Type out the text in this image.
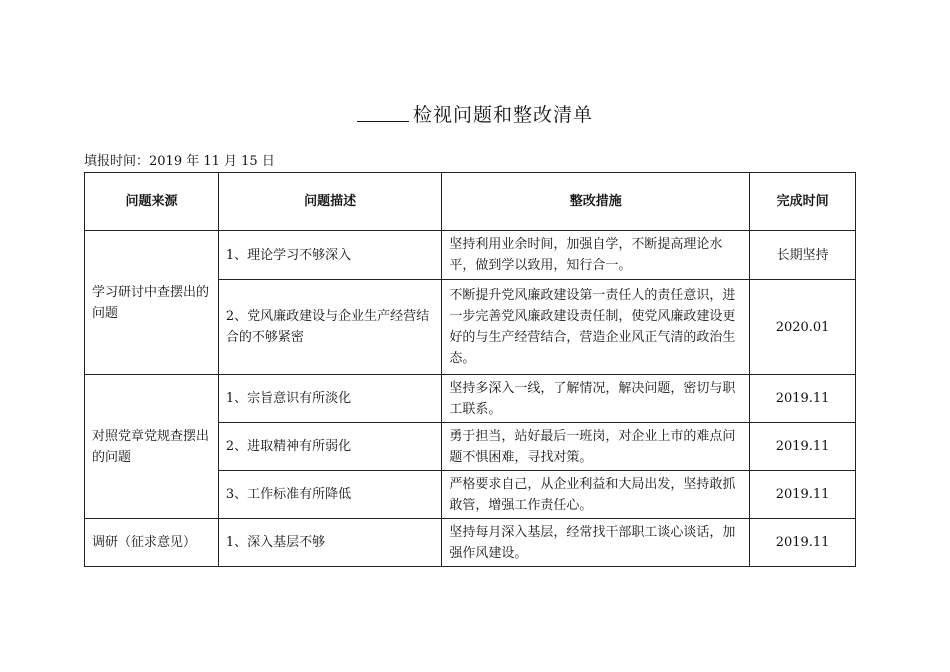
检视问题和整改清单
填报时间：2019 年 11 月 15 日
问题来源	问题描述	整改措施	完成时间
学习研讨中查摆出的问题	1、理论学习不够深入	坚持利用业余时间，加强自学，不断提高理论水平，做到学以致用，知行合一。	长期坚持
	2、党风廉政建设与企业生产经营结合的不够紧密	不断提升党风廉政建设第一责任人的责任意识，进一步完善党风廉政建设责任制，使党风廉政建设更好的与生产经营结合，营造企业风正气清的政治生态。	2020.01
对照党章党规查摆出的问题	1、宗旨意识有所淡化	坚持多深入一线，了解情况，解决问题，密切与职工联系。	2019.11
	2、进取精神有所弱化	勇于担当，站好最后一班岗，对企业上市的难点问题不惧困难，寻找对策。	2019.11
	3、工作标准有所降低	严格要求自己，从企业利益和大局出发，坚持敢抓敢管，增强工作责任心。	2019.11
调研（征求意见）	1、深入基层不够	坚持每月深入基层，经常找干部职工谈心谈话，加强作风建设。	2019.11
